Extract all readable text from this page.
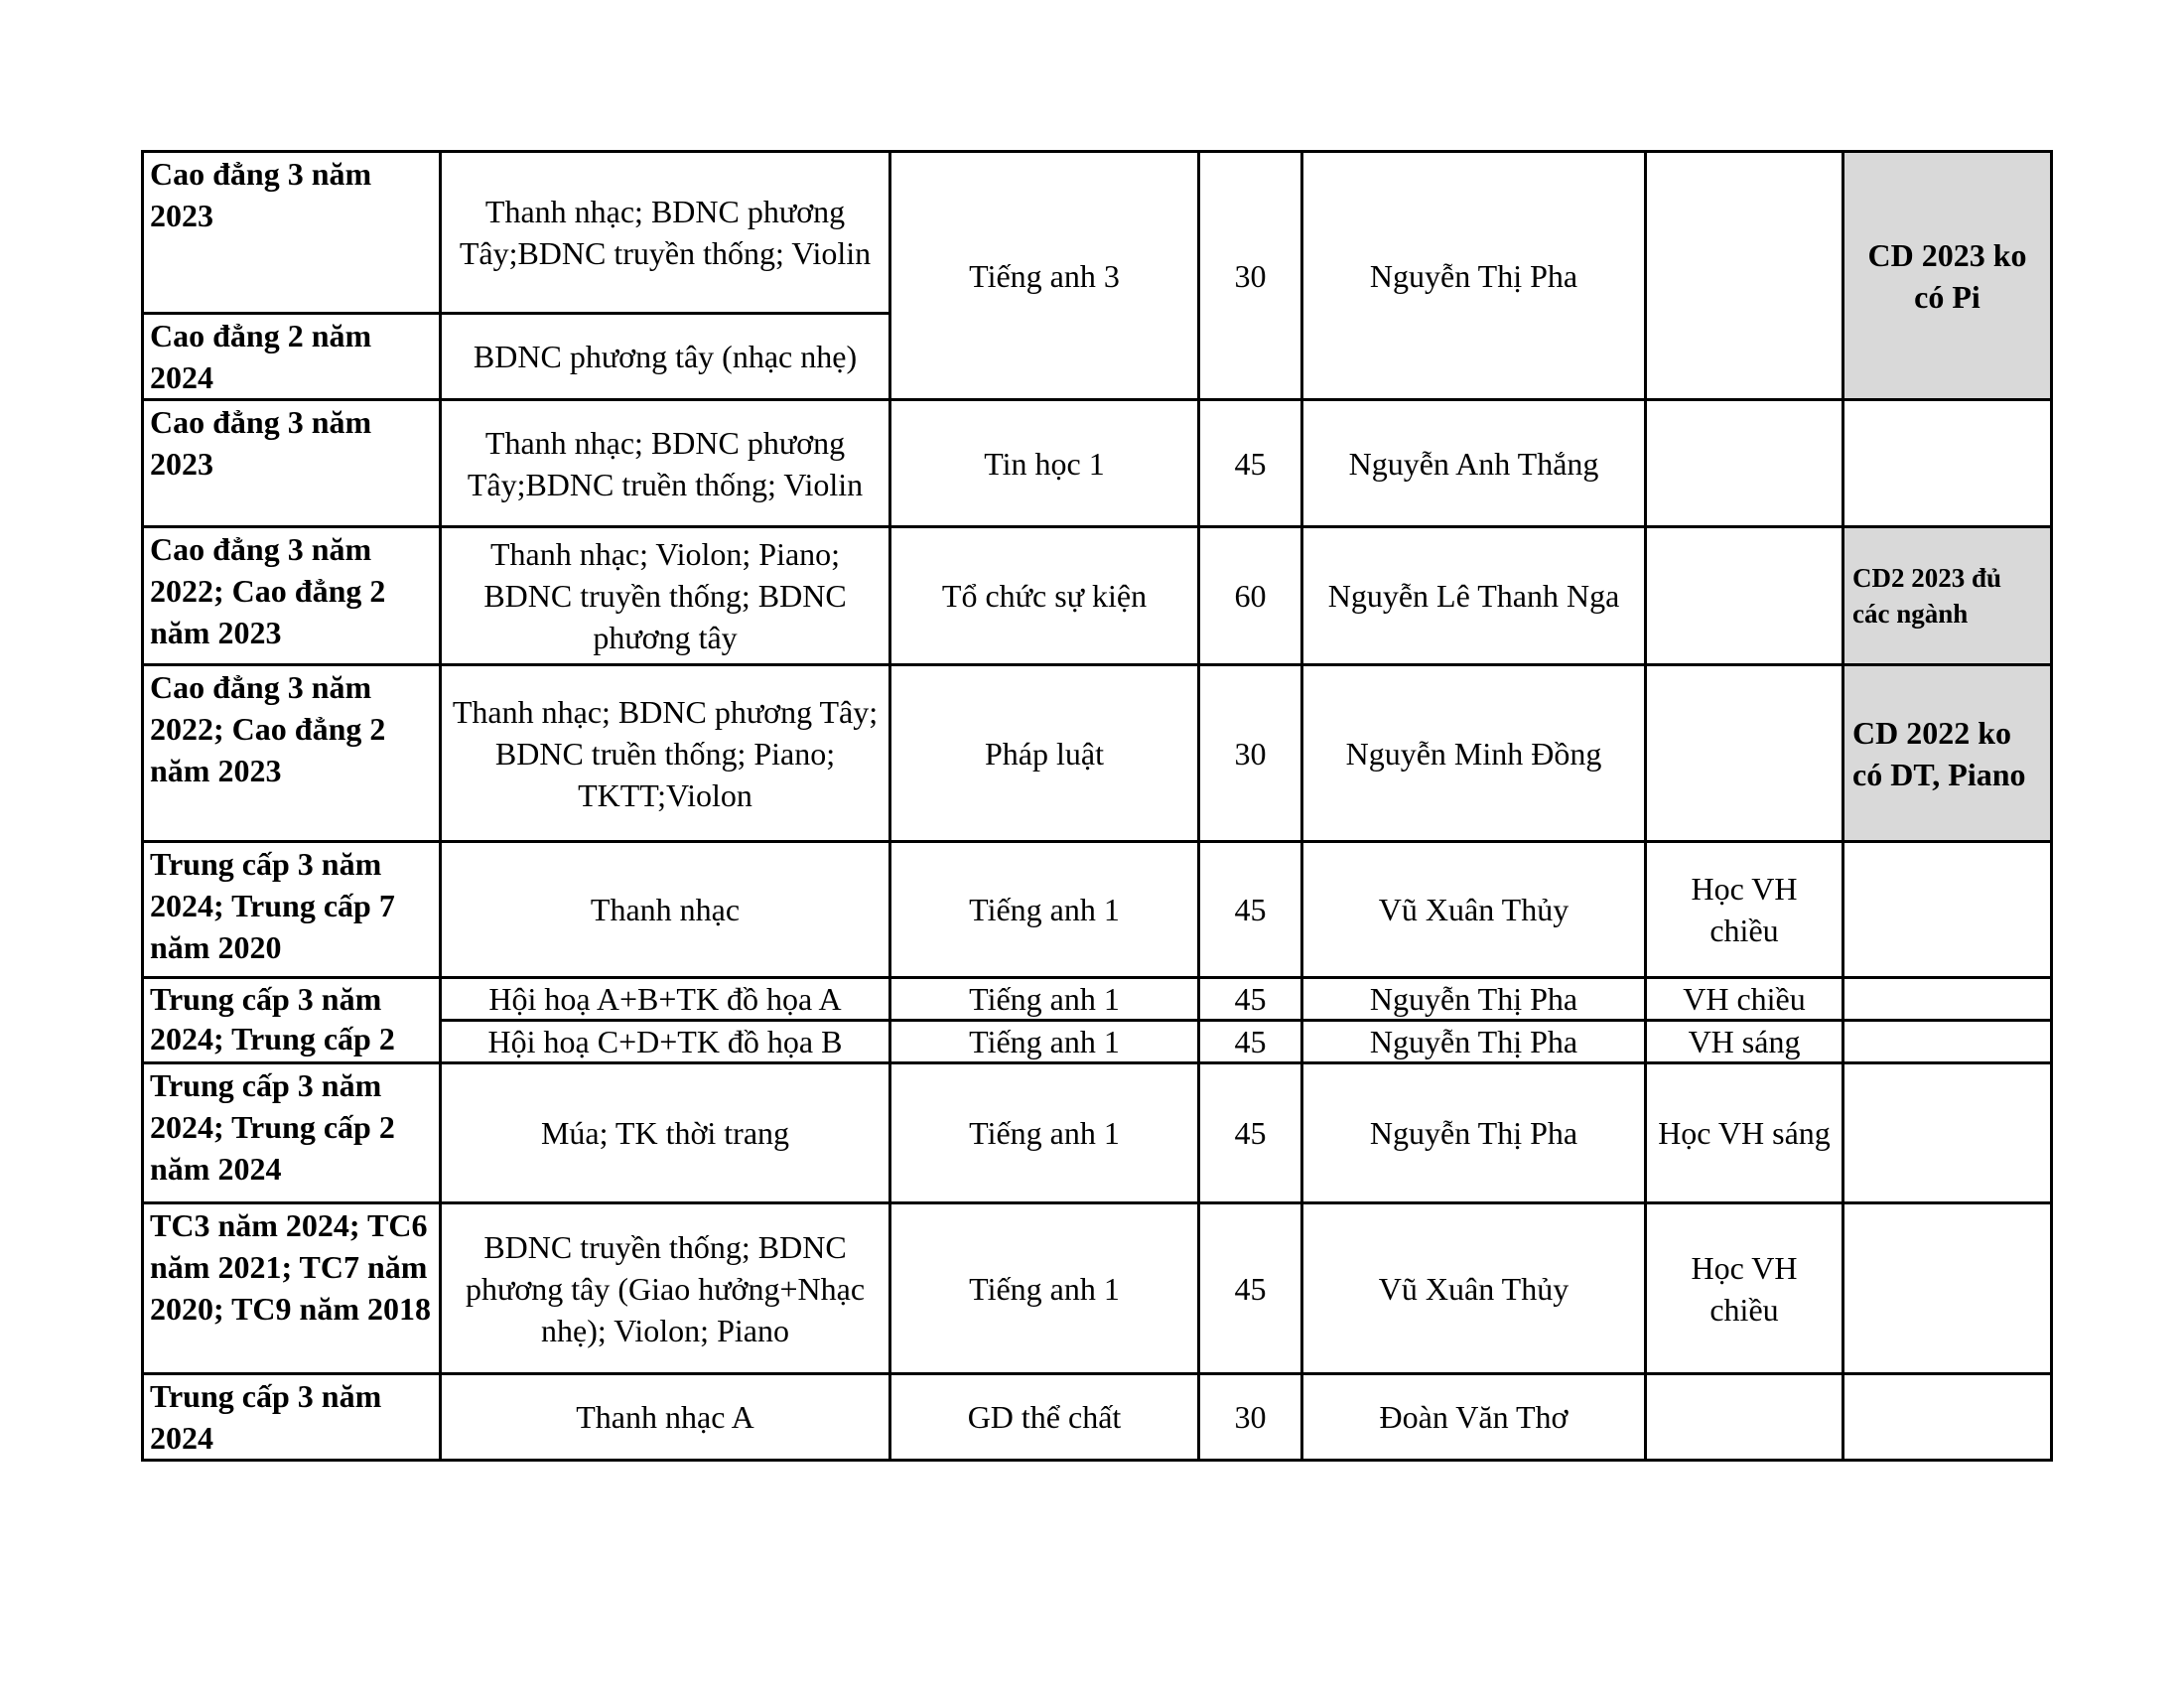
Cao đẳng 3 năm 2023	Thanh nhạc; BDNC phương Tây;BDNC truyền thống; Violin	Tiếng anh 3	30	Nguyễn Thị Pha		CD 2023 ko có Pi
Cao đẳng 2 năm 2024	BDNC phương tây (nhạc nhẹ)					
Cao đẳng 3 năm 2023	Thanh nhạc; BDNC phương Tây;BDNC truền thống; Violin	Tin học 1	45	Nguyễn Anh Thắng		
Cao đẳng 3 năm 2022; Cao đẳng 2 năm 2023	Thanh nhạc; Violon; Piano; BDNC truyền thống; BDNC phương tây	Tổ chức sự kiện	60	Nguyễn Lê Thanh Nga		CD2 2023 đủ các ngành
Cao đẳng 3 năm 2022; Cao đẳng 2 năm 2023	Thanh nhạc; BDNC phương Tây; BDNC truền thống; Piano; TKTT;Violon	Pháp luật	30	Nguyễn Minh Đồng		CD 2022 ko có DT, Piano
Trung cấp 3 năm 2024; Trung cấp 7 năm 2020	Thanh nhạc	Tiếng anh 1	45	Vũ Xuân Thủy	Học VH chiều	
Trung cấp 3 năm 2024; Trung cấp 2	Hội hoạ A+B+TK đồ họa A	Tiếng anh 1	45	Nguyễn Thị Pha	VH chiều	
	Hội hoạ C+D+TK đồ họa B	Tiếng anh 1	45	Nguyễn Thị Pha	VH sáng	
Trung cấp 3 năm 2024; Trung cấp 2 năm 2024	Múa; TK thời trang	Tiếng anh 1	45	Nguyễn Thị Pha	Học VH sáng	
TC3 năm 2024; TC6 năm 2021; TC7 năm 2020; TC9 năm 2018	BDNC truyền thống; BDNC phương tây (Giao hưởng+Nhạc nhẹ); Violon; Piano	Tiếng anh 1	45	Vũ Xuân Thủy	Học VH chiều	
Trung cấp 3 năm 2024	Thanh nhạc A	GD thể chất	30	Đoàn Văn Thơ		
